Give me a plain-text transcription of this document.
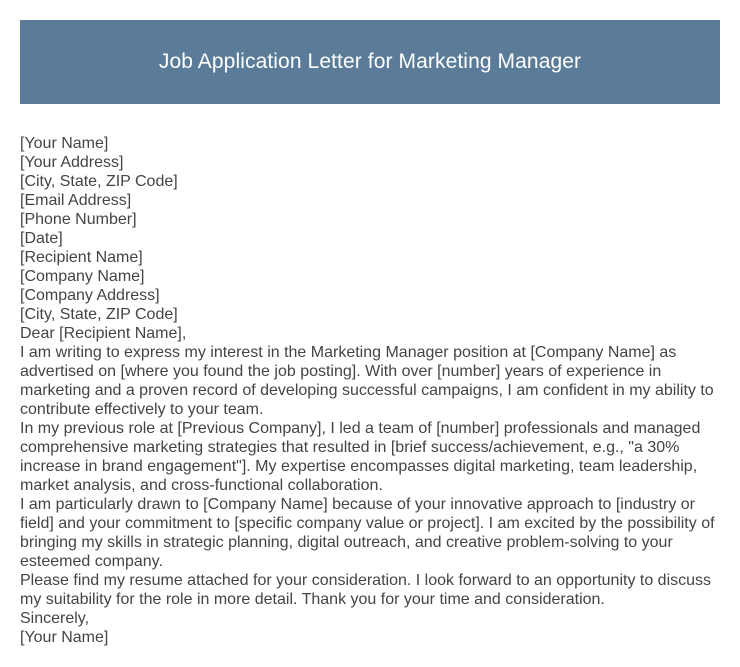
Job Application Letter for Marketing Manager
[Your Name]
[Your Address]
[City, State, ZIP Code]
[Email Address]
[Phone Number]
[Date]
[Recipient Name]
[Company Name]
[Company Address]
[City, State, ZIP Code]
Dear [Recipient Name],

I am writing to express my interest in the Marketing Manager position at [Company Name] as advertised on [where you found the job posting]. With over [number] years of experience in marketing and a proven record of developing successful campaigns, I am confident in my ability to contribute effectively to your team.

In my previous role at [Previous Company], I led a team of [number] professionals and managed comprehensive marketing strategies that resulted in [brief success/achievement, e.g., "a 30% increase in brand engagement"]. My expertise encompasses digital marketing, team leadership, market analysis, and cross-functional collaboration.

I am particularly drawn to [Company Name] because of your innovative approach to [industry or field] and your commitment to [specific company value or project]. I am excited by the possibility of bringing my skills in strategic planning, digital outreach, and creative problem-solving to your esteemed company.

Please find my resume attached for your consideration. I look forward to an opportunity to discuss my suitability for the role in more detail. Thank you for your time and consideration.

Sincerely,
[Your Name]
